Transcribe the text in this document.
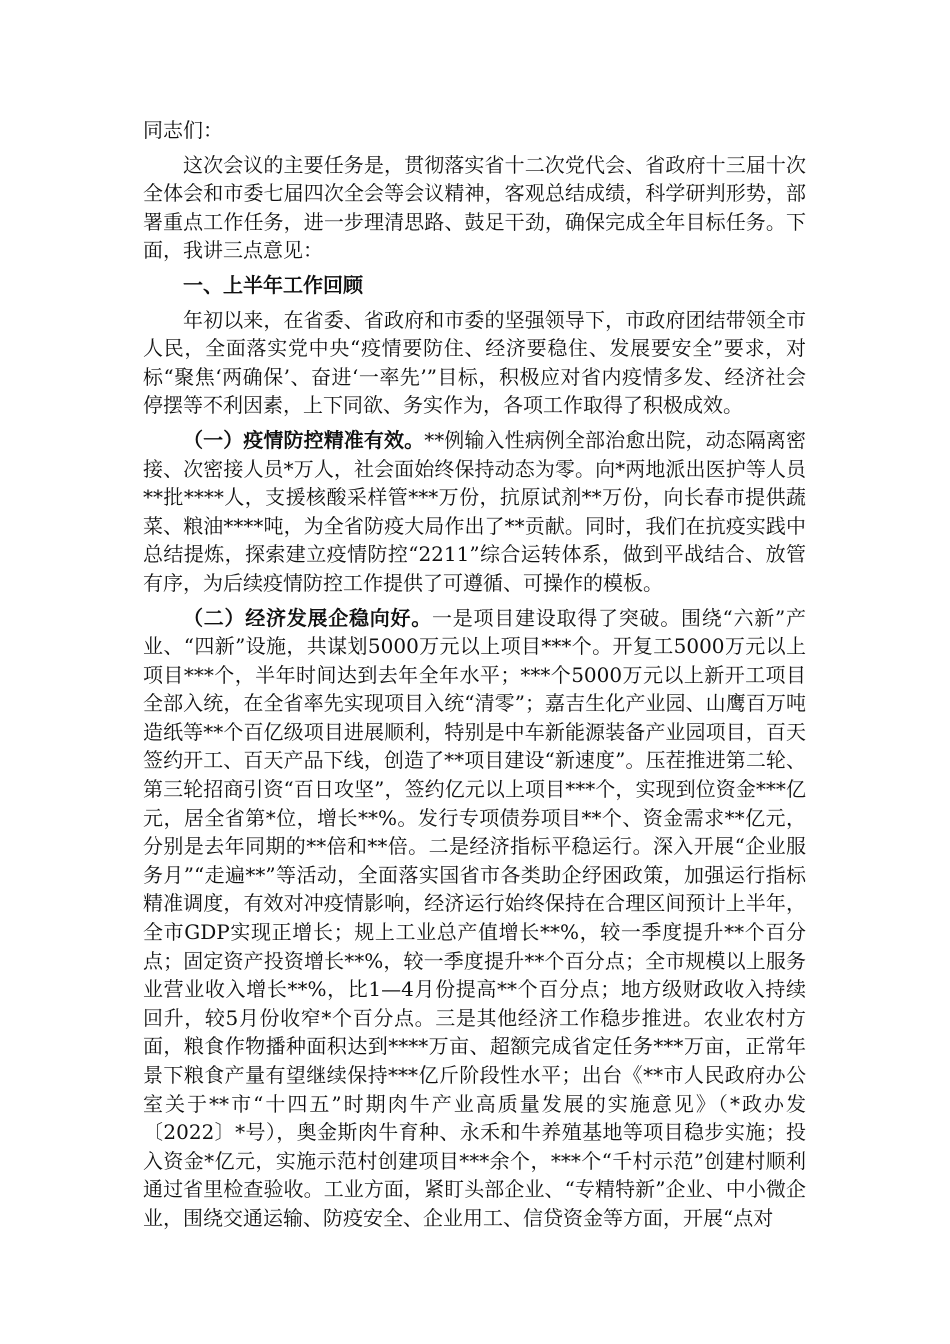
同志们：

这次会议的主要任务是，贯彻落实省十二次党代会、省政府十三届十次全体会和市委七届四次全会等会议精神，客观总结成绩，科学研判形势，部署重点工作任务，进一步理清思路、鼓足干劲，确保完成全年目标任务。下面，我讲三点意见：

一、上半年工作回顾

年初以来，在省委、省政府和市委的坚强领导下，市政府团结带领全市人民，全面落实党中央“疫情要防住、经济要稳住、发展要安全”要求，对标“聚焦‘两确保’、奋进‘一率先’”目标，积极应对省内疫情多发、经济社会停摆等不利因素，上下同欲、务实作为，各项工作取得了积极成效。

（一）疫情防控精准有效。**例输入性病例全部治愈出院，动态隔离密接、次密接人员*万人，社会面始终保持动态为零。向*两地派出医护等人员**批****人，支援核酸采样管***万份，抗原试剂**万份，向长春市提供蔬菜、粮油****吨，为全省防疫大局作出了**贡献。同时，我们在抗疫实践中总结提炼，探索建立疫情防控“2211”综合运转体系，做到平战结合、放管有序，为后续疫情防控工作提供了可遵循、可操作的模板。

（二）经济发展企稳向好。一是项目建设取得了突破。围绕“六新”产业、“四新”设施，共谋划5000万元以上项目***个。开复工5000万元以上项目***个，半年时间达到去年全年水平；***个5000万元以上新开工项目全部入统，在全省率先实现项目入统“清零”；嘉吉生化产业园、山鹰百万吨造纸等**个百亿级项目进展顺利，特别是中车新能源装备产业园项目，百天签约开工、百天产品下线，创造了**项目建设“新速度”。压茬推进第二轮、第三轮招商引资“百日攻坚”，签约亿元以上项目***个，实现到位资金***亿元，居全省第*位，增长**%。发行专项债券项目**个、资金需求**亿元，分别是去年同期的**倍和**倍。二是经济指标平稳运行。深入开展“企业服务月”“走遍**”等活动，全面落实国省市各类助企纾困政策，加强运行指标精准调度，有效对冲疫情影响，经济运行始终保持在合理区间预计上半年，全市GDP实现正增长；规上工业总产值增长**%，较一季度提升**个百分点；固定资产投资增长**%，较一季度提升**个百分点；全市规模以上服务业营业收入增长**%，比1—4月份提高**个百分点；地方级财政收入持续回升，较5月份收窄*个百分点。三是其他经济工作稳步推进。农业农村方面，粮食作物播种面积达到****万亩、超额完成省定任务***万亩，正常年景下粮食产量有望继续保持***亿斤阶段性水平；出台《**市人民政府办公室关于**市“十四五”时期肉牛产业高质量发展的实施意见》（*政办发〔2022〕*号），奥金斯肉牛育种、永禾和牛养殖基地等项目稳步实施；投入资金*亿元，实施示范村创建项目***余个，***个“千村示范”创建村顺利通过省里检查验收。工业方面，紧盯头部企业、“专精特新”企业、中小微企业，围绕交通运输、防疫安全、企业用工、信贷资金等方面，开展“点对
